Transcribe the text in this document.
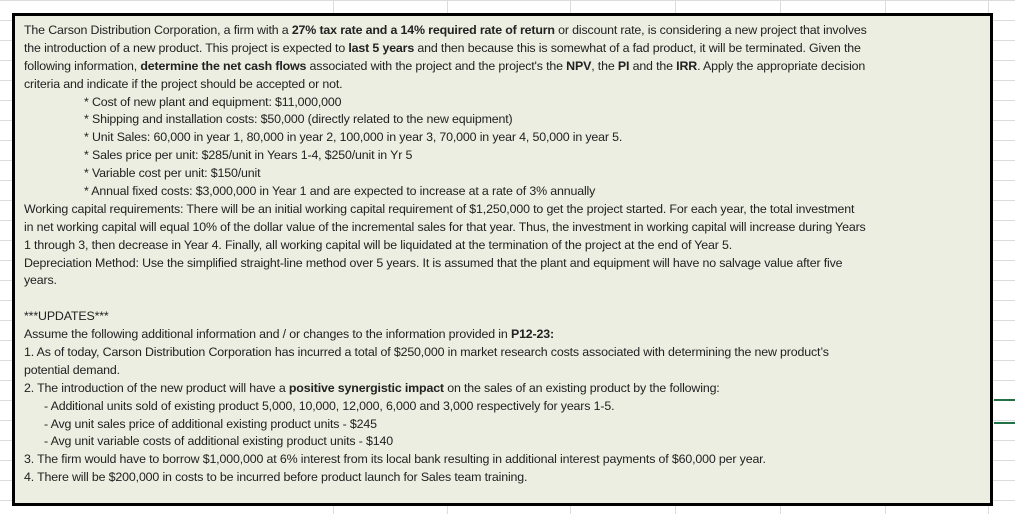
The Carson Distribution Corporation, a firm with a 27% tax rate and a 14% required rate of return or discount rate, is considering a new project that involves
the introduction of a new product. This project is expected to last 5 years and then because this is somewhat of a fad product, it will be terminated. Given the
following information, determine the net cash flows associated with the project and the project's the NPV, the PI and the IRR. Apply the appropriate decision
criteria and indicate if the project should be accepted or not.
* Cost of new plant and equipment: $11,000,000
* Shipping and installation costs: $50,000 (directly related to the new equipment)
* Unit Sales: 60,000 in year 1, 80,000 in year 2, 100,000 in year 3, 70,000 in year 4, 50,000 in year 5.
* Sales price per unit: $285/unit in Years 1-4, $250/unit in Yr 5
* Variable cost per unit: $150/unit
* Annual fixed costs: $3,000,000 in Year 1 and are expected to increase at a rate of 3% annually
Working capital requirements: There will be an initial working capital requirement of $1,250,000 to get the project started. For each year, the total investment
in net working capital will equal 10% of the dollar value of the incremental sales for that year. Thus, the investment in working capital will increase during Years
1 through 3, then decrease in Year 4. Finally, all working capital will be liquidated at the termination of the project at the end of Year 5.
Depreciation Method: Use the simplified straight-line method over 5 years. It is assumed that the plant and equipment will have no salvage value after five
years.
***UPDATES***
Assume the following additional information and / or changes to the information provided in P12-23:
1. As of today, Carson Distribution Corporation has incurred a total of $250,000 in market research costs associated with determining the new product’s
potential demand.
2. The introduction of the new product will have a positive synergistic impact on the sales of an existing product by the following:
- Additional units sold of existing product 5,000, 10,000, 12,000, 6,000 and 3,000 respectively for years 1-5.
- Avg unit sales price of additional existing product units - $245
- Avg unit variable costs of additional existing product units - $140
3. The firm would have to borrow $1,000,000 at 6% interest from its local bank resulting in additional interest payments of $60,000 per year.
4. There will be $200,000 in costs to be incurred before product launch for Sales team training.
